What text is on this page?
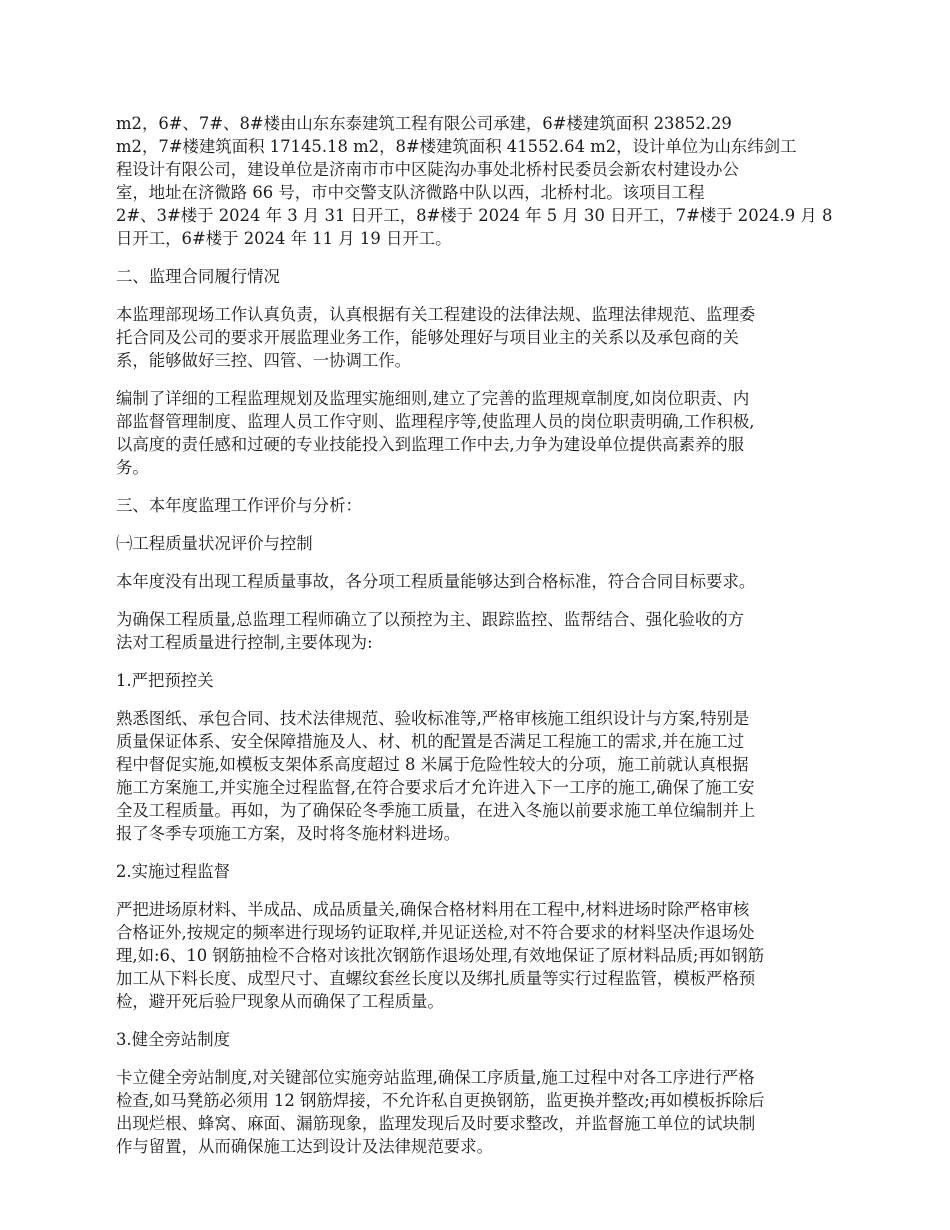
m2，6#、7#、8#楼由山东东泰建筑工程有限公司承建，6#楼建筑面积 23852.29
m2，7#楼建筑面积 17145.18 m2，8#楼建筑面积 41552.64 m2，设计单位为山东纬剑工
程设计有限公司，建设单位是济南市市中区陡沟办事处北桥村民委员会新农村建设办公
室，地址在济微路 66 号，市中交警支队济微路中队以西，北桥村北。该项目工程
2#、3#楼于 2024 年 3 月 31 日开工，8#楼于 2024 年 5 月 30 日开工，7#楼于 2024.9 月 8
日开工，6#楼于 2024 年 11 月 19 日开工。
二、监理合同履行情况
本监理部现场工作认真负责，认真根据有关工程建设的法律法规、监理法律规范、监理委
托合同及公司的要求开展监理业务工作，能够处理好与项目业主的关系以及承包商的关
系，能够做好三控、四管、一协调工作。
编制了详细的工程监理规划及监理实施细则,建立了完善的监理规章制度,如岗位职责、内
部监督管理制度、监理人员工作守则、监理程序等,使监理人员的岗位职责明确,工作积极,
以高度的责任感和过硬的专业技能投入到监理工作中去,力争为建设单位提供高素养的服
务。
三、本年度监理工作评价与分析：
㈠工程质量状况评价与控制
本年度没有出现工程质量事故，各分项工程质量能够达到合格标准，符合合同目标要求。
为确保工程质量,总监理工程师确立了以预控为主、跟踪监控、监帮结合、强化验收的方
法对工程质量进行控制,主要体现为:
1.严把预控关
熟悉图纸、承包合同、技术法律规范、验收标准等,严格审核施工组织设计与方案,特别是
质量保证体系、安全保障措施及人、材、机的配置是否满足工程施工的需求,并在施工过
程中督促实施,如模板支架体系高度超过 8 米属于危险性较大的分项，施工前就认真根据
施工方案施工,并实施全过程监督,在符合要求后才允许进入下一工序的施工,确保了施工安
全及工程质量。再如，为了确保砼冬季施工质量，在进入冬施以前要求施工单位编制并上
报了冬季专项施工方案，及时将冬施材料进场。
2.实施过程监督
严把进场原材料、半成品、成品质量关,确保合格材料用在工程中,材料进场时除严格审核
合格证外,按规定的频率进行现场钓证取样,并见证送检,对不符合要求的材料坚决作退场处
理,如:6、10 钢筋抽检不合格对该批次钢筋作退场处理,有效地保证了原材料品质;再如钢筋
加工从下料长度、成型尺寸、直螺纹套丝长度以及绑扎质量等实行过程监管，模板严格预
检，避开死后验尸现象从而确保了工程质量。
3.健全旁站制度
卡立健全旁站制度,对关键部位实施旁站监理,确保工序质量,施工过程中对各工序进行严格
检查,如马凳筋必须用 12 钢筋焊接，不允许私自更换钢筋，监更换并整改;再如模板拆除后
出现烂根、蜂窝、麻面、漏筋现象，监理发现后及时要求整改，并监督施工单位的试块制
作与留置，从而确保施工达到设计及法律规范要求。
